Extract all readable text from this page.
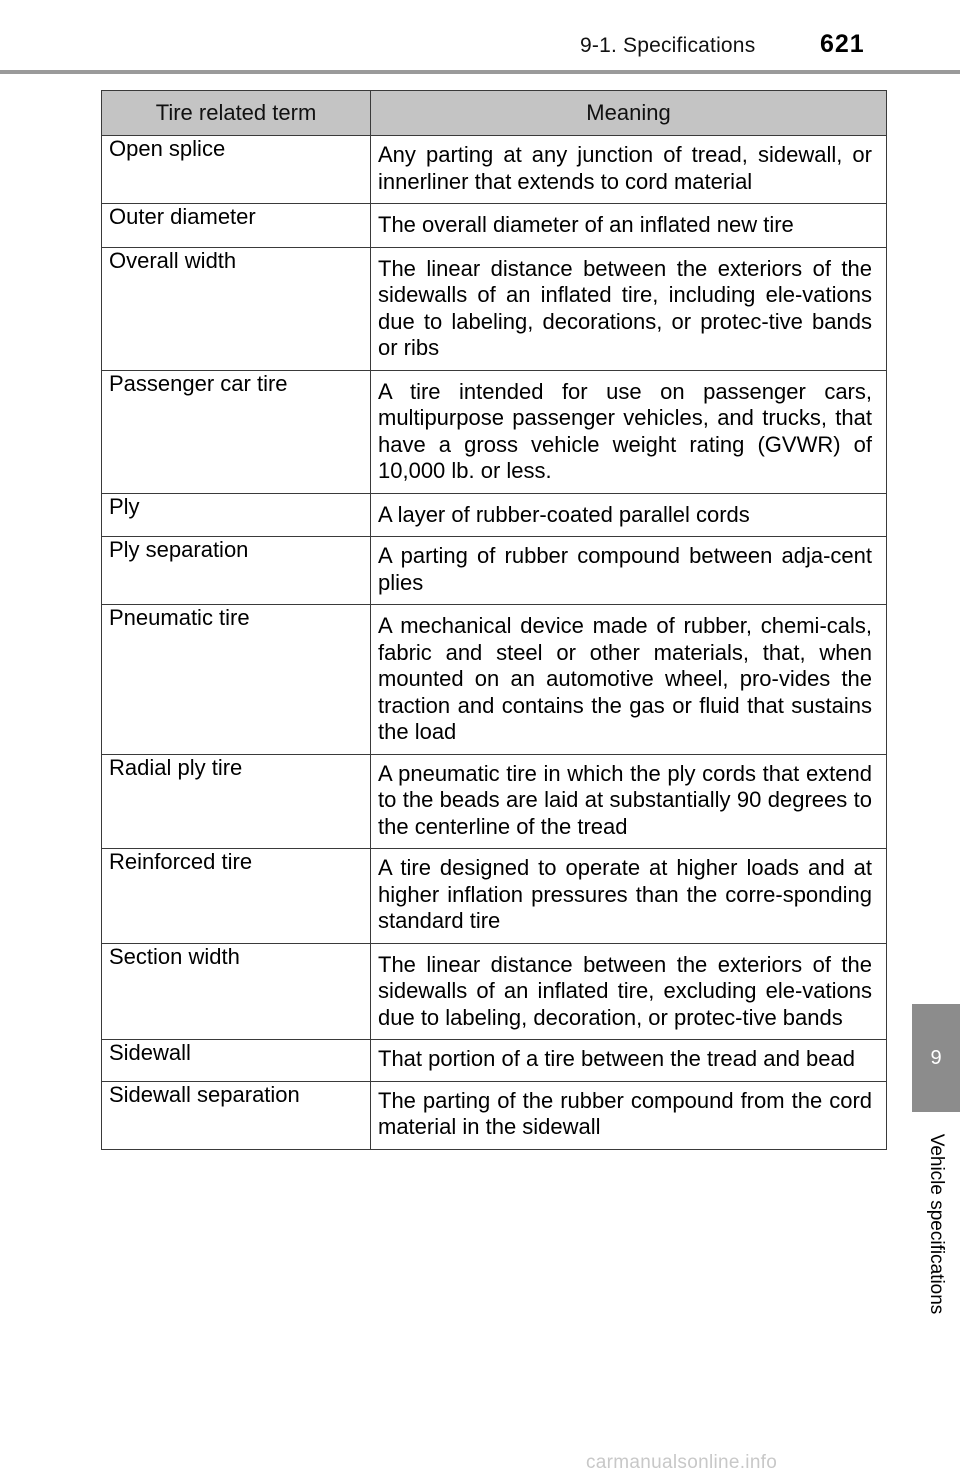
9-1. Specifications	621
9
Vehicle specifications
Tire related term	Meaning
Open splice	Any parting at any junction of tread, sidewall, or innerliner that extends to cord material
Outer diameter	The overall diameter of an inflated new tire
Overall width	The linear distance between the exteriors of the sidewalls of an inflated tire, including ele-vations due to labeling, decorations, or protec-tive bands or ribs
Passenger car tire	A tire intended for use on passenger cars, multipurpose passenger vehicles, and trucks, that have a gross vehicle weight rating (GVWR) of 10,000 lb. or less.
Ply	A layer of rubber-coated parallel cords
Ply separation	A parting of rubber compound between adja-cent plies
Pneumatic tire	A mechanical device made of rubber, chemi-cals, fabric and steel or other materials, that, when mounted on an automotive wheel, pro-vides the traction and contains the gas or fluid that sustains the load
Radial ply tire	A pneumatic tire in which the ply cords that extend to the beads are laid at substantially 90 degrees to the centerline of the tread
Reinforced tire	A tire designed to operate at higher loads and at higher inflation pressures than the corre-sponding standard tire
Section width	The linear distance between the exteriors of the sidewalls of an inflated tire, excluding ele-vations due to labeling, decoration, or protec-tive bands
Sidewall	That portion of a tire between the tread and bead
Sidewall separation	The parting of the rubber compound from the cord material in the sidewall
carmanualsonline.info
